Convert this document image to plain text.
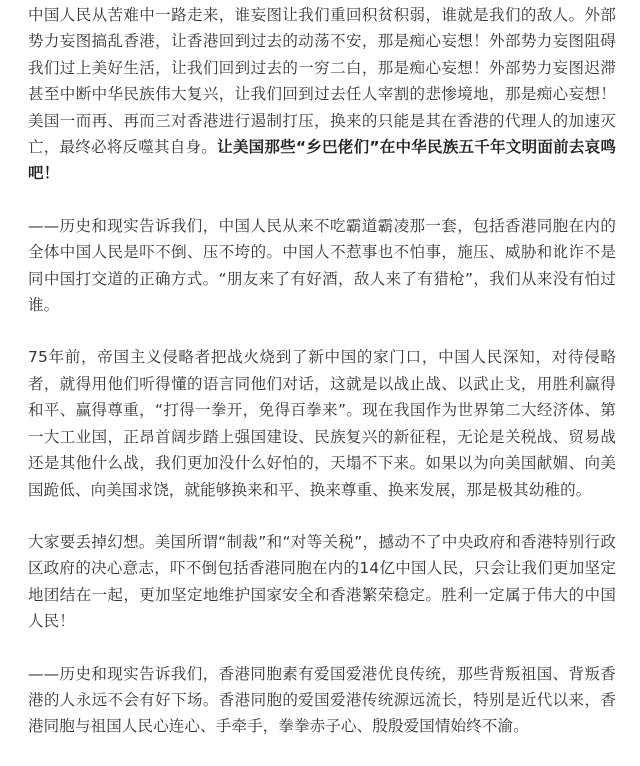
中国人民从苦难中一路走来，谁妄图让我们重回积贫积弱，谁就是我们的敌人。外部势力妄图搞乱香港，让香港回到过去的动荡不安，那是痴心妄想！外部势力妄图阻碍我们过上美好生活，让我们回到过去的一穷二白，那是痴心妄想！外部势力妄图迟滞甚至中断中华民族伟大复兴，让我们回到过去任人宰割的悲惨境地，那是痴心妄想！美国一而再、再而三对香港进行遏制打压，换来的只能是其在香港的代理人的加速灭亡，最终必将反噬其自身。让美国那些“乡巴佬们”在中华民族五千年文明面前去哀鸣吧！

——历史和现实告诉我们，中国人民从来不吃霸道霸凌那一套，包括香港同胞在内的全体中国人民是吓不倒、压不垮的。中国人不惹事也不怕事，施压、威胁和讹诈不是同中国打交道的正确方式。“朋友来了有好酒，敌人来了有猎枪”，我们从来没有怕过谁。

75年前，帝国主义侵略者把战火烧到了新中国的家门口，中国人民深知，对待侵略者，就得用他们听得懂的语言同他们对话，这就是以战止战、以武止戈，用胜利赢得和平、赢得尊重，“打得一拳开，免得百拳来”。现在我国作为世界第二大经济体、第一大工业国，正昂首阔步踏上强国建设、民族复兴的新征程，无论是关税战、贸易战还是其他什么战，我们更加没什么好怕的，天塌不下来。如果以为向美国献媚、向美国跪低、向美国求饶，就能够换来和平、换来尊重、换来发展，那是极其幼稚的。

大家要丢掉幻想。美国所谓“制裁”和“对等关税”，撼动不了中央政府和香港特别行政区政府的决心意志，吓不倒包括香港同胞在内的14亿中国人民，只会让我们更加坚定地团结在一起，更加坚定地维护国家安全和香港繁荣稳定。胜利一定属于伟大的中国人民！

——历史和现实告诉我们，香港同胞素有爱国爱港优良传统，那些背叛祖国、背叛香港的人永远不会有好下场。香港同胞的爱国爱港传统源远流长，特别是近代以来，香港同胞与祖国人民心连心、手牵手，拳拳赤子心、殷殷爱国情始终不渝。
